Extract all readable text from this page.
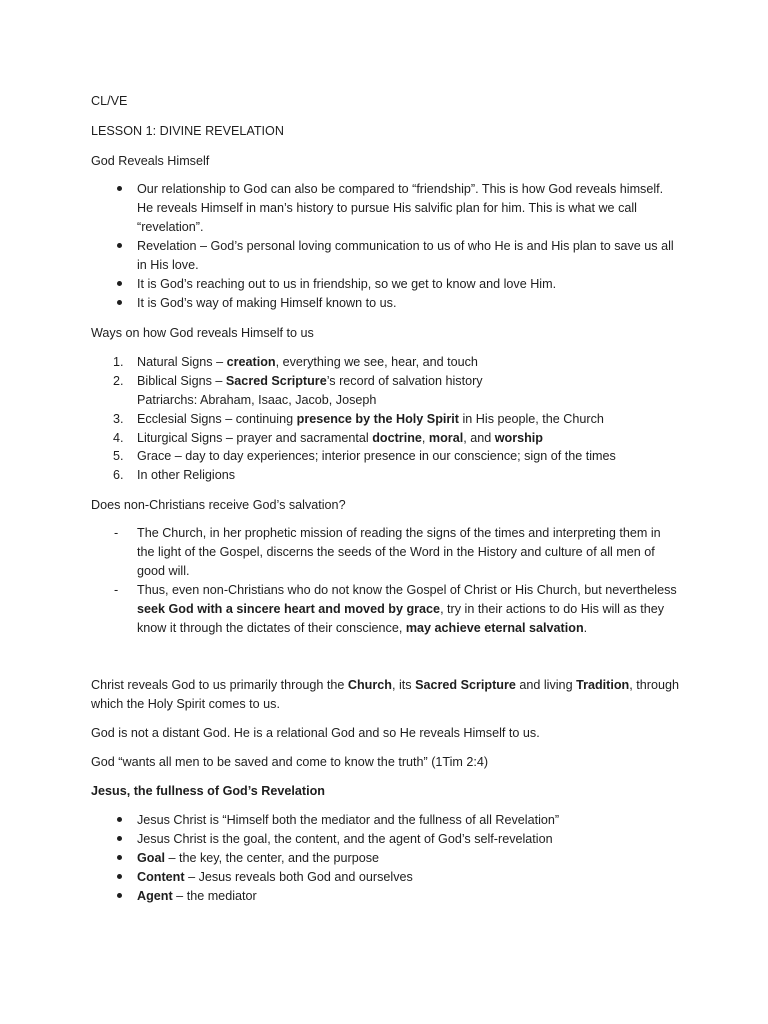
CL/VE
LESSON 1: DIVINE REVELATION
God Reveals Himself
Our relationship to God can also be compared to “friendship”. This is how God reveals himself.
He reveals Himself in man’s history to pursue His salvific plan for him. This is what we call
“revelation”.
Revelation – God’s personal loving communication to us of who He is and His plan to save us all
in His love.
It is God’s reaching out to us in friendship, so we get to know and love Him.
It is God’s way of making Himself known to us.
Ways on how God reveals Himself to us
1. Natural Signs – creation, everything we see, hear, and touch
2. Biblical Signs – Sacred Scripture’s record of salvation history
Patriarchs: Abraham, Isaac, Jacob, Joseph
3. Ecclesial Signs – continuing presence by the Holy Spirit in His people, the Church
4. Liturgical Signs – prayer and sacramental doctrine, moral, and worship
5. Grace – day to day experiences; interior presence in our conscience; sign of the times
6. In other Religions
Does non-Christians receive God’s salvation?
- The Church, in her prophetic mission of reading the signs of the times and interpreting them in
the light of the Gospel, discerns the seeds of the Word in the History and culture of all men of
good will.
- Thus, even non-Christians who do not know the Gospel of Christ or His Church, but nevertheless
seek God with a sincere heart and moved by grace, try in their actions to do His will as they
know it through the dictates of their conscience, may achieve eternal salvation.
Christ reveals God to us primarily through the Church, its Sacred Scripture and living Tradition, through
which the Holy Spirit comes to us.
God is not a distant God. He is a relational God and so He reveals Himself to us.
God “wants all men to be saved and come to know the truth” (1Tim 2:4)
Jesus, the fullness of God’s Revelation
Jesus Christ is “Himself both the mediator and the fullness of all Revelation”
Jesus Christ is the goal, the content, and the agent of God’s self-revelation
Goal – the key, the center, and the purpose
Content – Jesus reveals both God and ourselves
Agent – the mediator
